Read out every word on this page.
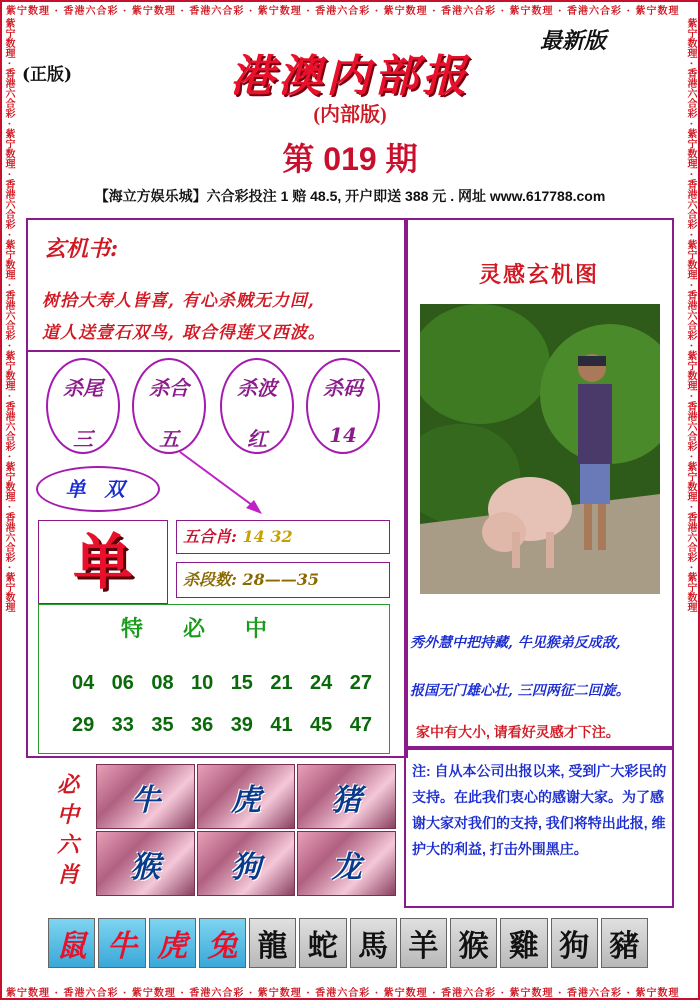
紫宁数理 · 香港六合彩 · 紫宁数理 · 香港六合彩 · 紫宁数理 · 香港六合彩 · 紫宁数理 · 香港六合彩 · 紫宁数理 · 香港六合彩 · 紫宁数理
紫宁数理 · 香港六合彩 · 紫宁数理 · 香港六合彩 · 紫宁数理 · 香港六合彩 · 紫宁数理 · 香港六合彩 · 紫宁数理 · 香港六合彩 · 紫宁数理
紫宁数理 · 香港六合彩 · 紫宁数理 · 香港六合彩 · 紫宁数理 · 香港六合彩 · 紫宁数理 · 香港六合彩 · 紫宁数理 · 香港六合彩 · 紫宁数理	紫宁数理 · 香港六合彩 · 紫宁数理 · 香港六合彩 · 紫宁数理 · 香港六合彩 · 紫宁数理 · 香港六合彩 · 紫宁数理 · 香港六合彩 · 紫宁数理
(正版)
最新版
港澳内部报
(内部版)
第 019 期
【海立方娱乐城】六合彩投注 1 赔 48.5, 开户即送 388 元 . 网址 www.617788.com
玄机书:
树拾大寿人皆喜, 有心杀贼无力回,
道人送壹石双鸟, 取合得莲又西波。
杀尾
三
杀合
五
杀波
红
杀码
14
单 双
单	五合肖: 14 32
杀段数: 28——35
特必中
04 06 08 10 15 21 24 27
29 33 35 36 39 41 45 47
必中六肖
牛	虎	猪
猴	狗	龙
灵感玄机图
秀外慧中把持藏, 牛见猴弟反成敌,
报国无门雄心壮, 三四两征二回旋。
家中有大小, 请看好灵感才下注。
注: 自从本公司出报以来, 受到广大彩民的支持。在此我们衷心的感谢大家。为了感谢大家对我们的支持, 我们将特出此报, 维护大的利益, 打击外围黑庄。
鼠 牛 虎 兔 龍 蛇 馬 羊 猴 雞 狗 豬
